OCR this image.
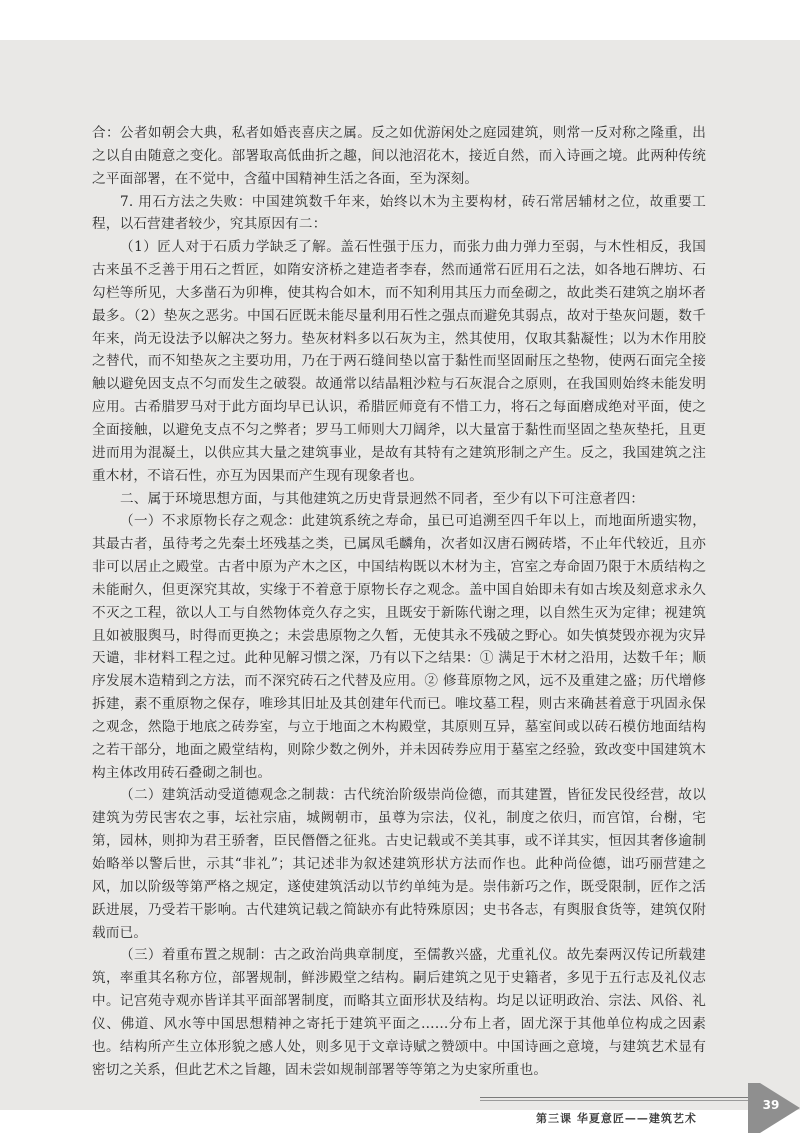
合：公者如朝会大典，私者如婚丧喜庆之属。反之如优游闲处之庭园建筑，则常一反对称之隆重，出之以自由随意之变化。部署取高低曲折之趣，间以池沼花木，接近自然，而入诗画之境。此两种传统之平面部署，在不觉中，含蕴中国精神生活之各面，至为深刻。

7. 用石方法之失败：中国建筑数千年来，始终以木为主要构材，砖石常居辅材之位，故重要工程，以石营建者较少，究其原因有二：

（1）匠人对于石质力学缺乏了解。盖石性强于压力，而张力曲力弹力至弱，与木性相反，我国古来虽不乏善于用石之哲匠，如隋安济桥之建造者李春，然而通常石匠用石之法，如各地石牌坊、石勾栏等所见，大多凿石为卯榫，使其构合如木，而不知利用其压力而垒砌之，故此类石建筑之崩坏者最多。（2）垫灰之恶劣。中国石匠既未能尽量利用石性之强点而避免其弱点，故对于垫灰问题，数千年来，尚无设法予以解决之努力。垫灰材料多以石灰为主，然其使用，仅取其黏凝性；以为木作用胶之替代，而不知垫灰之主要功用，乃在于两石缝间垫以富于黏性而坚固耐压之垫物，使两石面完全接触以避免因支点不匀而发生之破裂。故通常以结晶粗沙粒与石灰混合之原则，在我国则始终未能发明应用。古希腊罗马对于此方面均早已认识，希腊匠师竟有不惜工力，将石之每面磨成绝对平面，使之全面接触，以避免支点不匀之弊者；罗马工师则大刀阔斧，以大量富于黏性而坚固之垫灰垫托，且更进而用为混凝土，以供应其大量之建筑事业，是故有其特有之建筑形制之产生。反之，我国建筑之注重木材，不谙石性，亦互为因果而产生现有现象者也。

二、属于环境思想方面，与其他建筑之历史背景迥然不同者，至少有以下可注意者四：

（一）不求原物长存之观念：此建筑系统之寿命，虽已可追溯至四千年以上，而地面所遗实物，其最古者，虽待考之先秦土坯残基之类，已属凤毛麟角，次者如汉唐石阙砖塔，不止年代较近，且亦非可以居止之殿堂。古者中原为产木之区，中国结构既以木材为主，宫室之寿命固乃限于木质结构之未能耐久，但更深究其故，实缘于不着意于原物长存之观念。盖中国自始即未有如古埃及刻意求永久不灭之工程，欲以人工与自然物体竞久存之实，且既安于新陈代谢之理，以自然生灭为定律；视建筑且如被服舆马，时得而更换之；未尝患原物之久暂，无使其永不残破之野心。如失慎焚毁亦视为灾异天谴，非材料工程之过。此种见解习惯之深，乃有以下之结果：① 满足于木材之沿用，达数千年；顺序发展木造精到之方法，而不深究砖石之代替及应用。② 修葺原物之风，远不及重建之盛；历代增修拆建，素不重原物之保存，唯珍其旧址及其创建年代而已。唯坟墓工程，则古来确甚着意于巩固永保之观念，然隐于地底之砖券室，与立于地面之木构殿堂，其原则互异，墓室间或以砖石模仿地面结构之若干部分，地面之殿堂结构，则除少数之例外，并未因砖券应用于墓室之经验，致改变中国建筑木构主体改用砖石叠砌之制也。

（二）建筑活动受道德观念之制裁：古代统治阶级崇尚俭德，而其建置，皆征发民役经营，故以建筑为劳民害农之事，坛社宗庙，城阙朝市，虽尊为宗法，仪礼，制度之依归，而宫馆，台榭，宅第，园林，则抑为君王骄奢，臣民僭僭之征兆。古史记载或不美其事，或不详其实，恒因其奢侈逾制始略举以警后世，示其“非礼”；其记述非为叙述建筑形状方法而作也。此种尚俭德，诎巧丽营建之风，加以阶级等第严格之规定，遂使建筑活动以节约单纯为是。崇伟新巧之作，既受限制，匠作之活跃进展，乃受若干影响。古代建筑记载之简缺亦有此特殊原因；史书各志，有舆服食货等，建筑仅附载而已。

（三）着重布置之规制：古之政治尚典章制度，至儒教兴盛，尤重礼仪。故先秦两汉传记所载建筑，率重其名称方位，部署规制，鲜涉殿堂之结构。嗣后建筑之见于史籍者，多见于五行志及礼仪志中。记宫苑寺观亦皆详其平面部署制度，而略其立面形状及结构。均足以证明政治、宗法、风俗、礼仪、佛道、风水等中国思想精神之寄托于建筑平面之……分布上者，固尤深于其他单位构成之因素也。结构所产生立体形貌之感人处，则多见于文章诗赋之赞颂中。中国诗画之意境，与建筑艺术显有密切之关系，但此艺术之旨趣，固未尝如规制部署等等第之为史家所重也。

第三课 华夏意匠——建筑艺术
39
